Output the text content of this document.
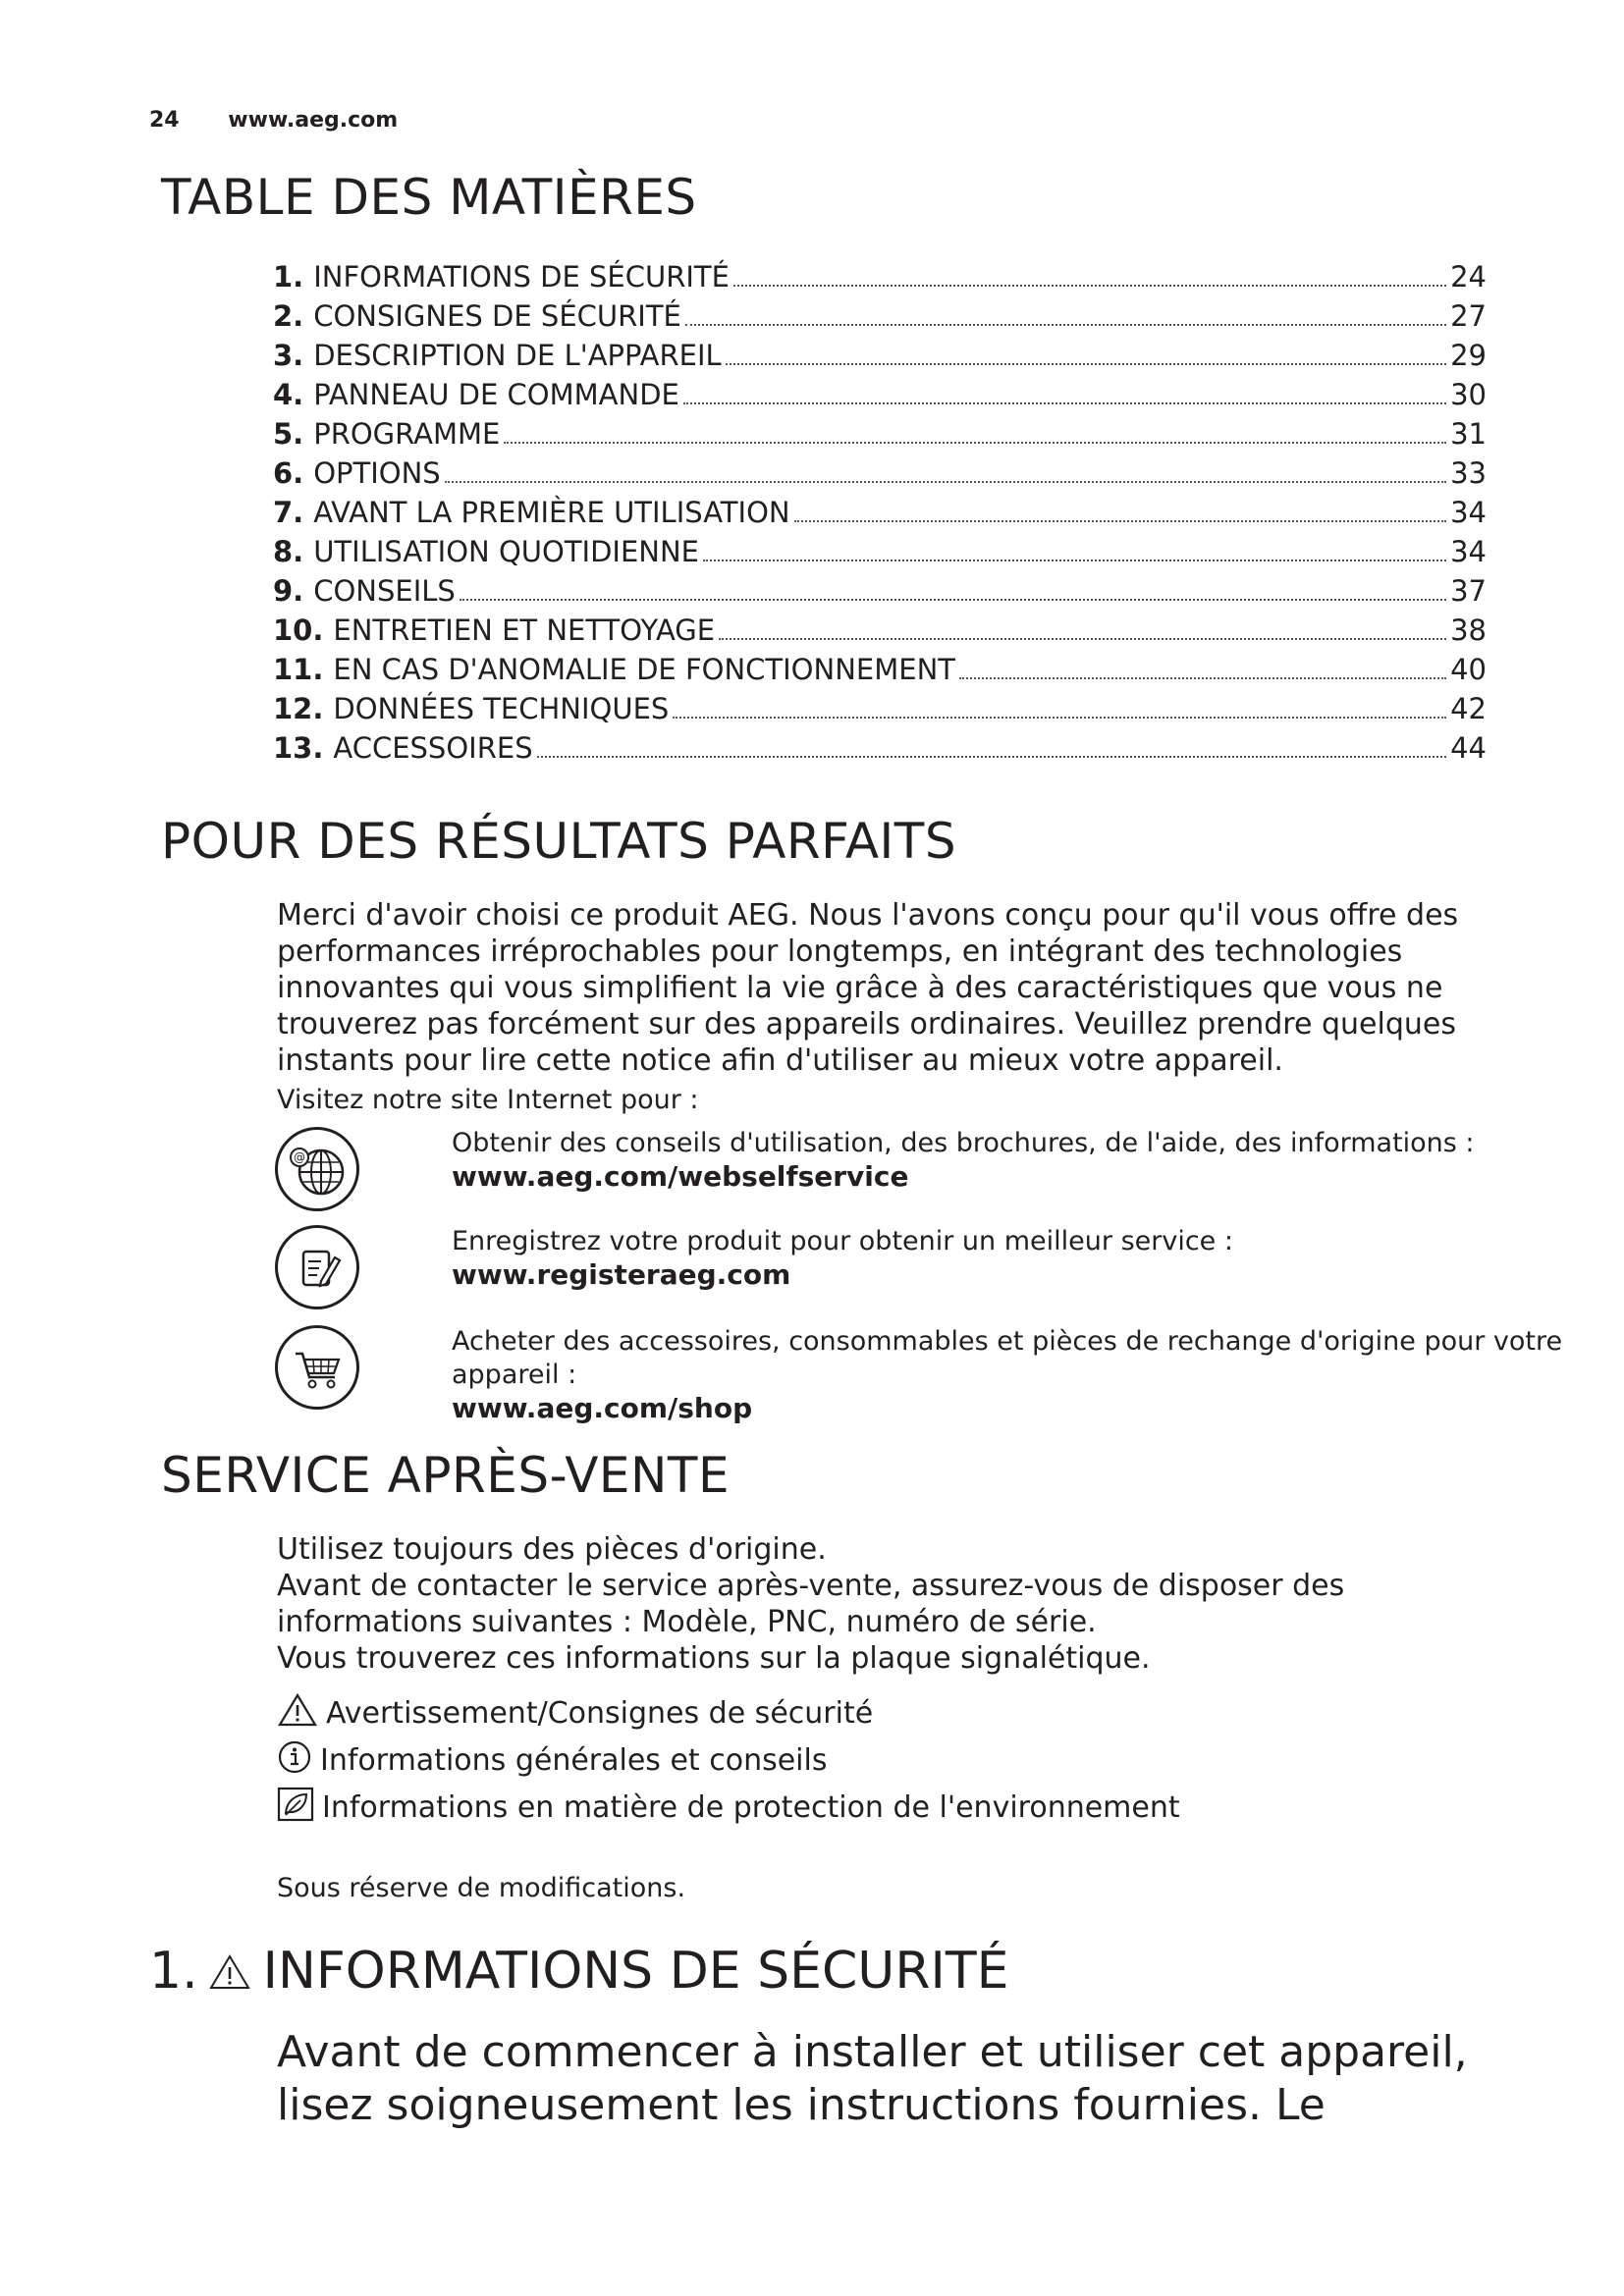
24 www.aeg.com
TABLE DES MATIÈRES
1. INFORMATIONS DE SÉCURITÉ	24
2. CONSIGNES DE SÉCURITÉ	27
3. DESCRIPTION DE L'APPAREIL	29
4. PANNEAU DE COMMANDE	30
5. PROGRAMME	31
6. OPTIONS	33
7. AVANT LA PREMIÈRE UTILISATION	34
8. UTILISATION QUOTIDIENNE	34
9. CONSEILS	37
10. ENTRETIEN ET NETTOYAGE	38
11. EN CAS D'ANOMALIE DE FONCTIONNEMENT	40
12. DONNÉES TECHNIQUES	42
13. ACCESSOIRES	44
POUR DES RÉSULTATS PARFAITS
Merci d'avoir choisi ce produit AEG. Nous l'avons conçu pour qu'il vous offre des performances irréprochables pour longtemps, en intégrant des technologies innovantes qui vous simplifient la vie grâce à des caractéristiques que vous ne trouverez pas forcément sur des appareils ordinaires. Veuillez prendre quelques instants pour lire cette notice afin d'utiliser au mieux votre appareil.
Visitez notre site Internet pour :
@	Obtenir des conseils d'utilisation, des brochures, de l'aide, des informations :
www.aeg.com/webselfservice
Enregistrez votre produit pour obtenir un meilleur service :
www.registeraeg.com
Acheter des accessoires, consommables et pièces de rechange d'origine pour votre appareil :
www.aeg.com/shop
SERVICE APRÈS-VENTE
Utilisez toujours des pièces d'origine.
Avant de contacter le service après-vente, assurez-vous de disposer des informations suivantes : Modèle, PNC, numéro de série.
Vous trouverez ces informations sur la plaque signalétique.
Avertissement/Consignes de sécurité
Informations générales et conseils
Informations en matière de protection de l'environnement
Sous réserve de modifications.
1. INFORMATIONS DE SÉCURITÉ
Avant de commencer à installer et utiliser cet appareil, lisez soigneusement les instructions fournies. Le
